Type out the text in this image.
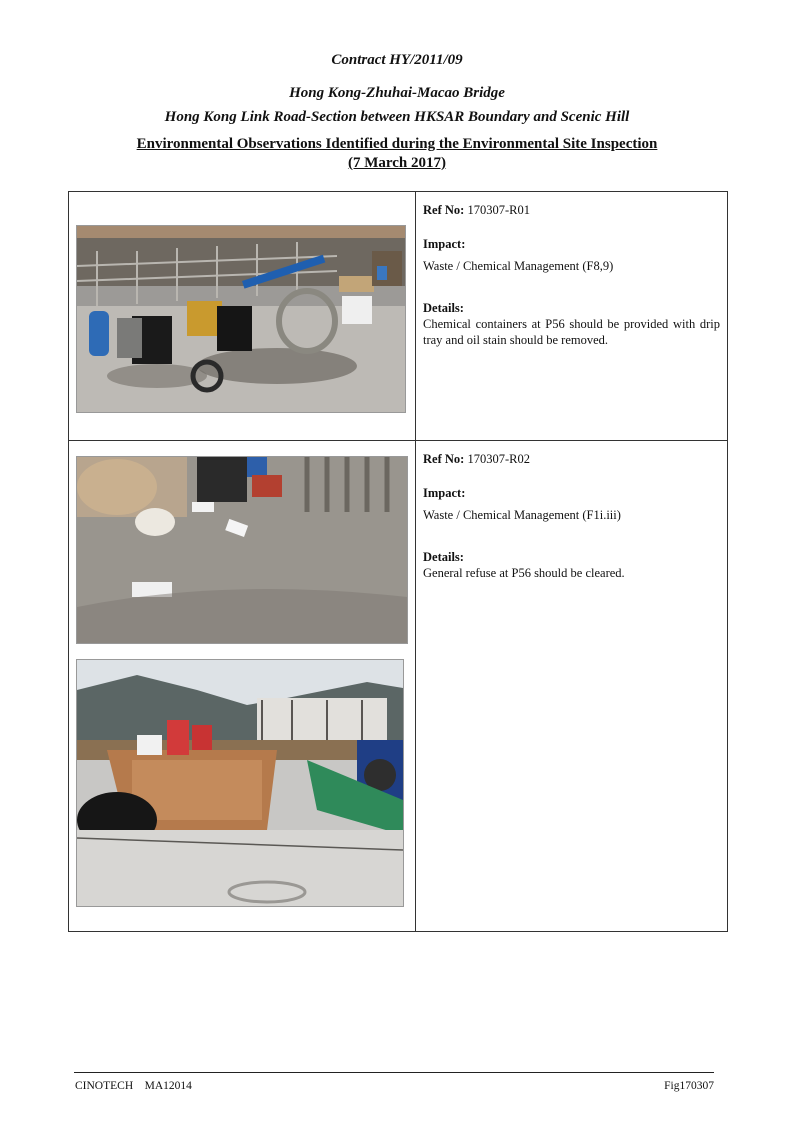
Contract HY/2011/09
Hong Kong-Zhuhai-Macao Bridge
Hong Kong Link Road-Section between HKSAR Boundary and Scenic Hill
Environmental Observations Identified during the Environmental Site Inspection
(7 March 2017)

Ref No: 170307-R01
Impact:
Waste / Chemical Management (F8,9)
Details:
Chemical containers at P56 should be provided with drip tray and oil stain should be removed.

Ref No: 170307-R02
Impact:
Waste / Chemical Management (F1i.iii)
Details:
General refuse at P56 should be cleared.
CINOTECH MA12014	Fig170307
